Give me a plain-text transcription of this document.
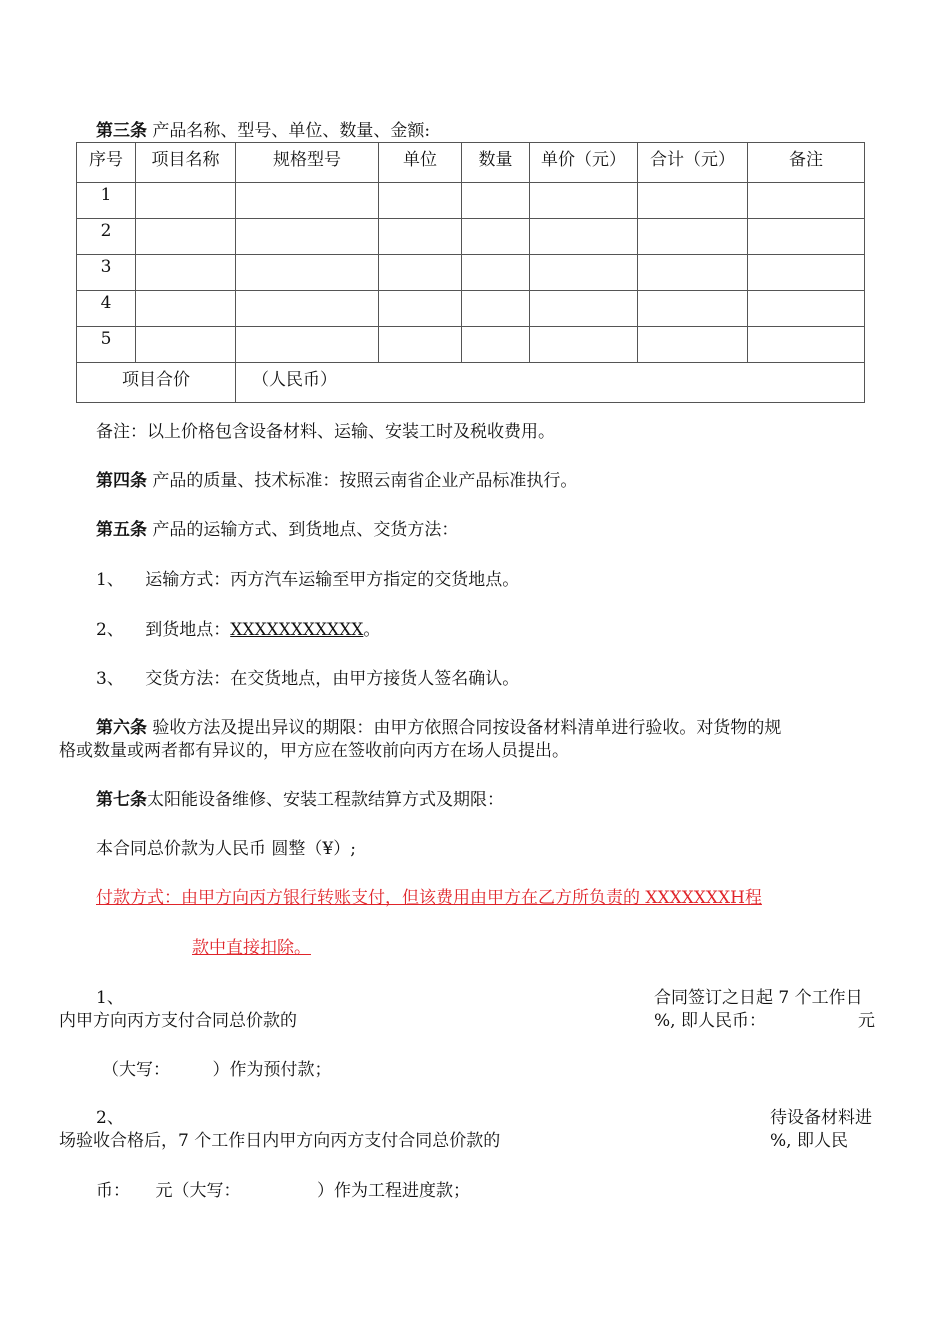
第三条 产品名称、型号、单位、数量、金额:
序号	项目名称	规格型号	单位	数量	单价（元）	合计（元）	备注
1							
2							
3							
4							
5							
项目合价		（人民币）					
备注：以上价格包含设备材料、运输、安装工时及税收费用。
第四条 产品的质量、技术标准：按照云南省企业产品标准执行。
第五条 产品的运输方式、到货地点、交货方法：
1、 运输方式：丙方汽车运输至甲方指定的交货地点。
2、 到货地点：XXXXXXXXXXX。
3、 交货方法：在交货地点，由甲方接货人签名确认。
第六条 验收方法及提出异议的期限：由甲方依照合同按设备材料清单进行验收。对货物的规
格或数量或两者都有异议的，甲方应在签收前向丙方在场人员提出。
第七条太阳能设备维修、安装工程款结算方式及期限：
本合同总价款为人民币 圆整（¥）;
付款方式：由甲方向丙方银行转账支付，但该费用由甲方在乙方所负责的 XXXXXXXH程
款中直接扣除。
1、	合同签订之日起 7 个工作日
内甲方向丙方支付合同总价款的	%, 即人民币：	元
（大写：　　　）作为预付款；
2、	待设备材料进
场验收合格后，7 个工作日内甲方向丙方支付合同总价款的	%, 即人民
币：　　元（大写：　　　　　）作为工程进度款；
